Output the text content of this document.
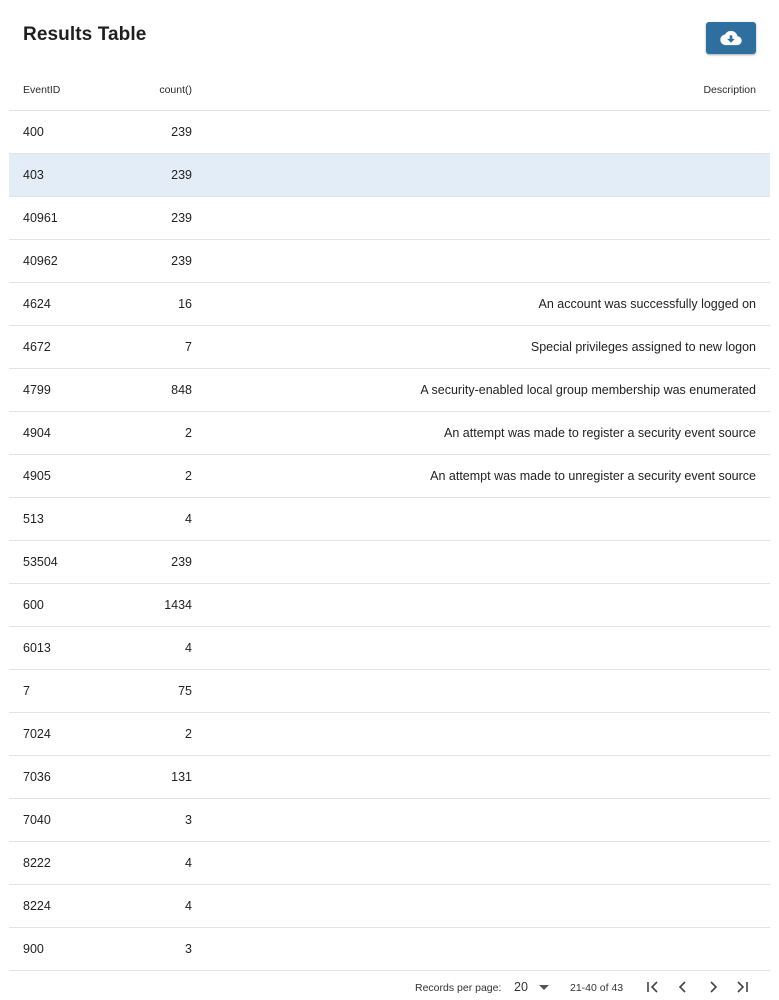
Results Table
EventID	count()	Description
400	239
403	239
40961	239
40962	239
4624	16	An account was successfully logged on
4672	7	Special privileges assigned to new logon
4799	848	A security-enabled local group membership was enumerated
4904	2	An attempt was made to register a security event source
4905	2	An attempt was made to unregister a security event source
513	4
53504	239
600	1434
6013	4
7	75
7024	2
7036	131
7040	3
8222	4
8224	4
900	3
Records per page: 20	21-40 of 43
